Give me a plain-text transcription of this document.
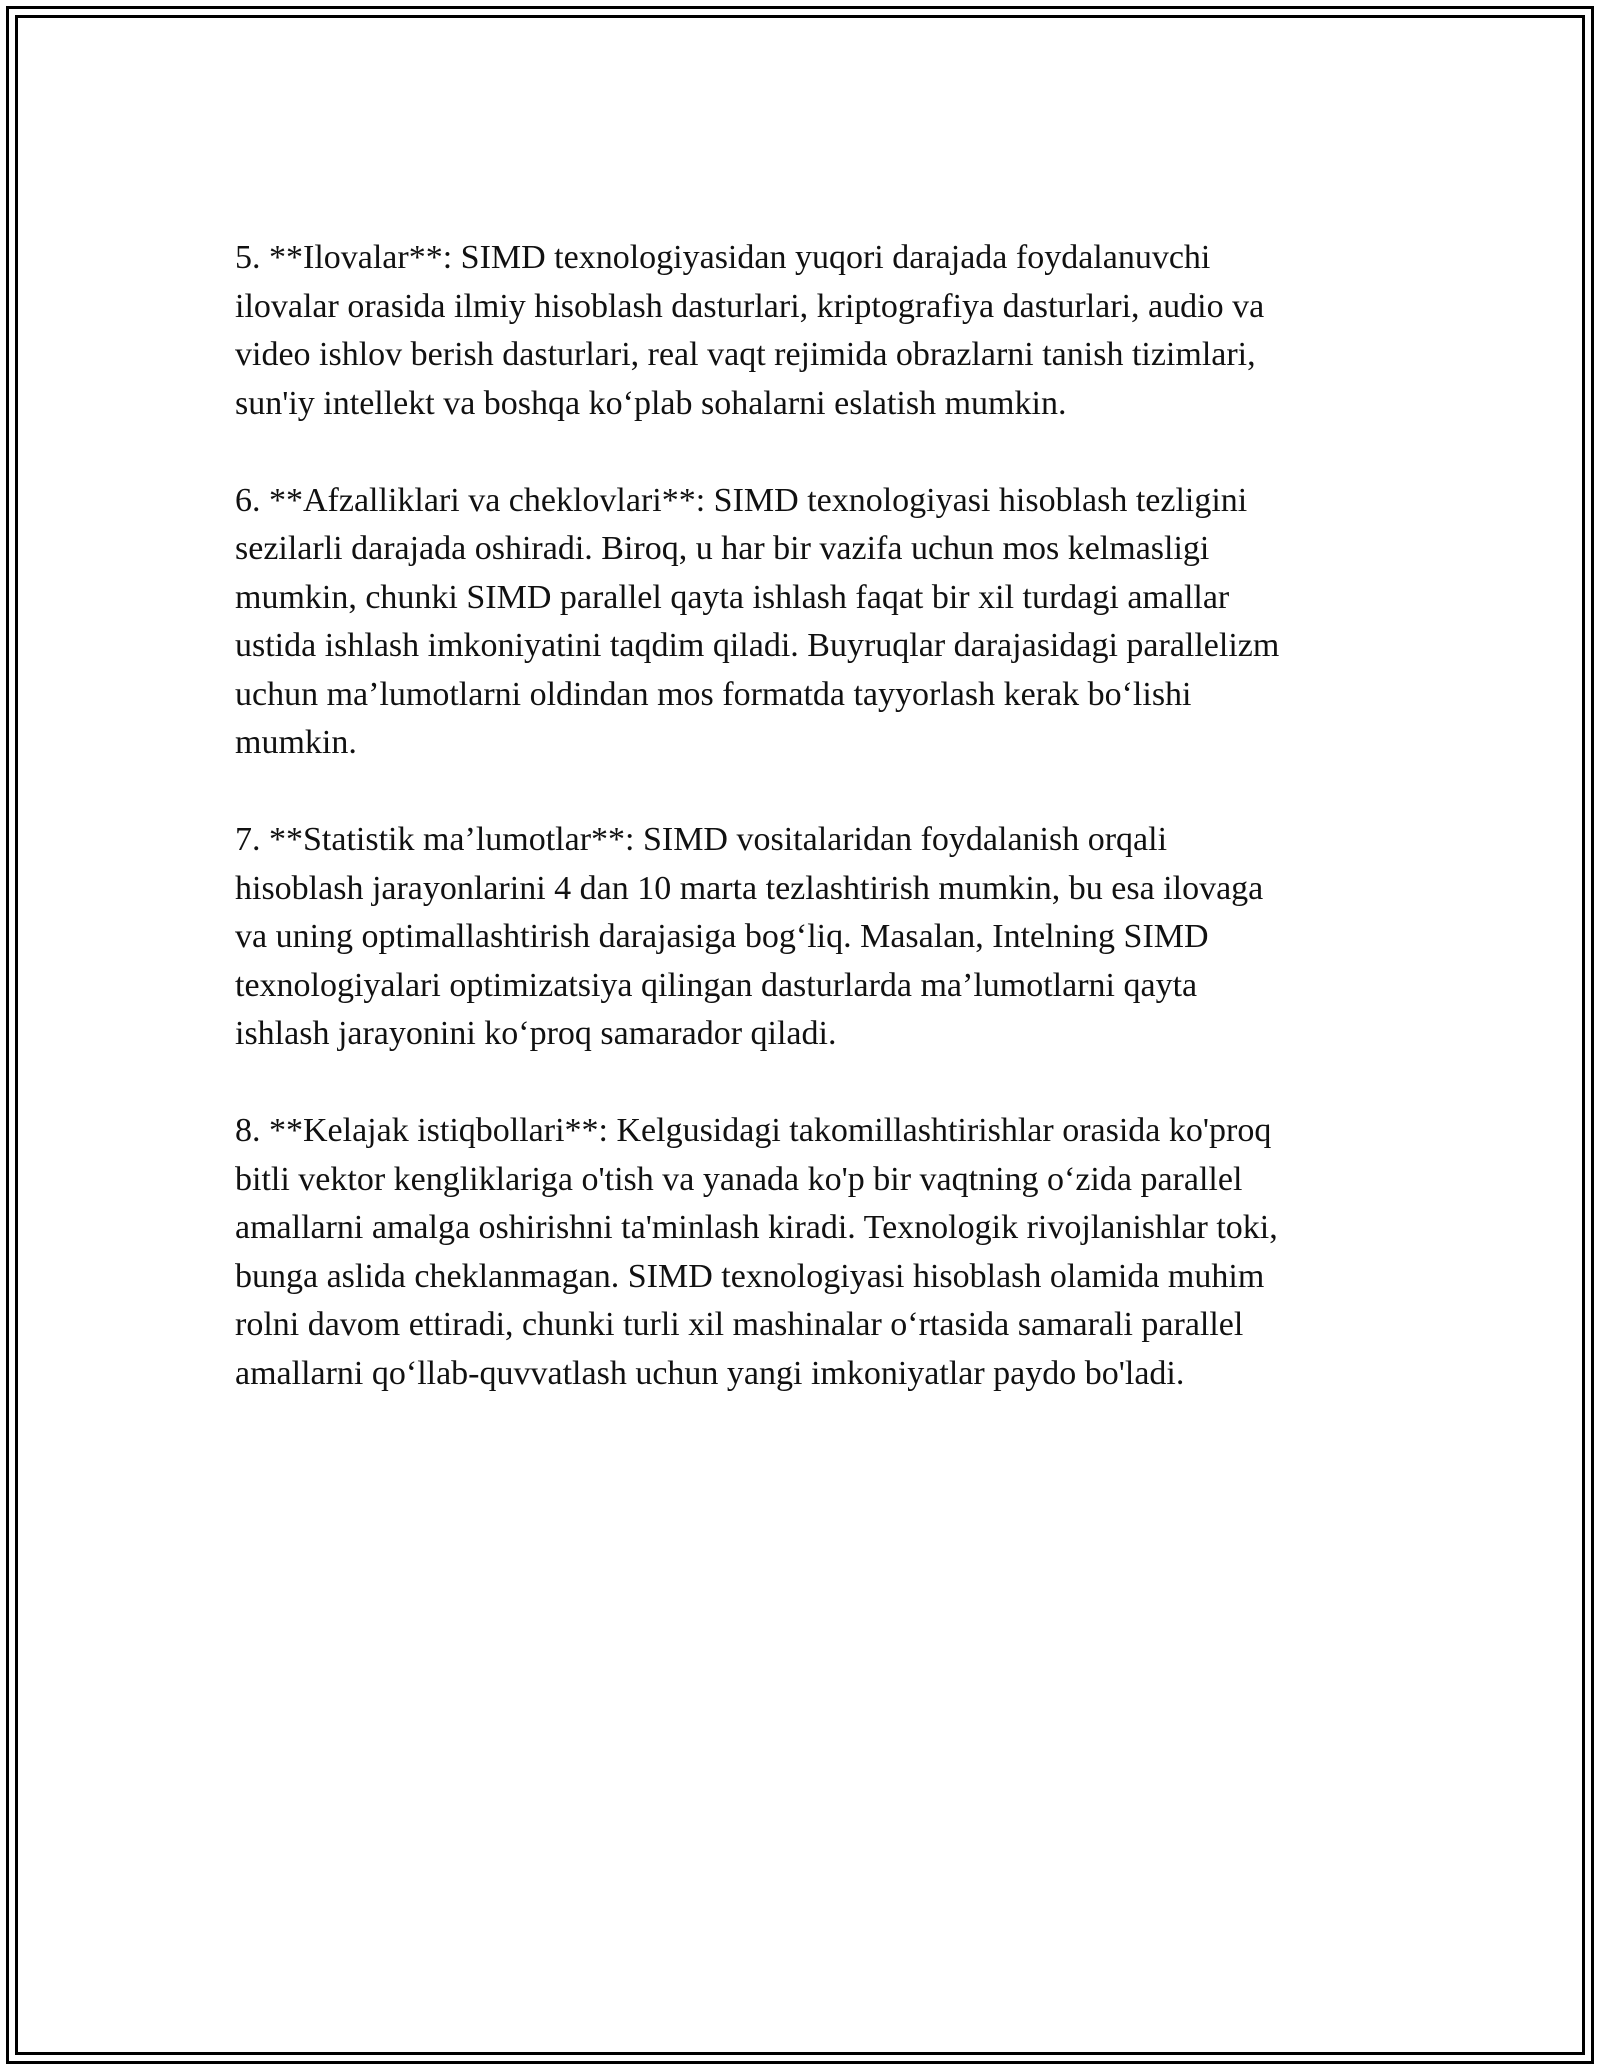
5. **Ilovalar**: SIMD texnologiyasidan yuqori darajada foydalanuvchi
ilovalar orasida ilmiy hisoblash dasturlari, kriptografiya dasturlari, audio va
video ishlov berish dasturlari, real vaqt rejimida obrazlarni tanish tizimlari,
sun'iy intellekt va boshqa ko‘plab sohalarni eslatish mumkin.

6. **Afzalliklari va cheklovlari**: SIMD texnologiyasi hisoblash tezligini
sezilarli darajada oshiradi. Biroq, u har bir vazifa uchun mos kelmasligi
mumkin, chunki SIMD parallel qayta ishlash faqat bir xil turdagi amallar
ustida ishlash imkoniyatini taqdim qiladi. Buyruqlar darajasidagi parallelizm
uchun ma’lumotlarni oldindan mos formatda tayyorlash kerak bo‘lishi
mumkin.

7. **Statistik ma’lumotlar**: SIMD vositalaridan foydalanish orqali
hisoblash jarayonlarini 4 dan 10 marta tezlashtirish mumkin, bu esa ilovaga
va uning optimallashtirish darajasiga bog‘liq. Masalan, Intelning SIMD
texnologiyalari optimizatsiya qilingan dasturlarda ma’lumotlarni qayta
ishlash jarayonini ko‘proq samarador qiladi.

8. **Kelajak istiqbollari**: Kelgusidagi takomillashtirishlar orasida ko'proq
bitli vektor kengliklariga o'tish va yanada ko'p bir vaqtning o‘zida parallel
amallarni amalga oshirishni ta'minlash kiradi. Texnologik rivojlanishlar toki,
bunga aslida cheklanmagan. SIMD texnologiyasi hisoblash olamida muhim
rolni davom ettiradi, chunki turli xil mashinalar o‘rtasida samarali parallel
amallarni qo‘llab-quvvatlash uchun yangi imkoniyatlar paydo bo'ladi.
